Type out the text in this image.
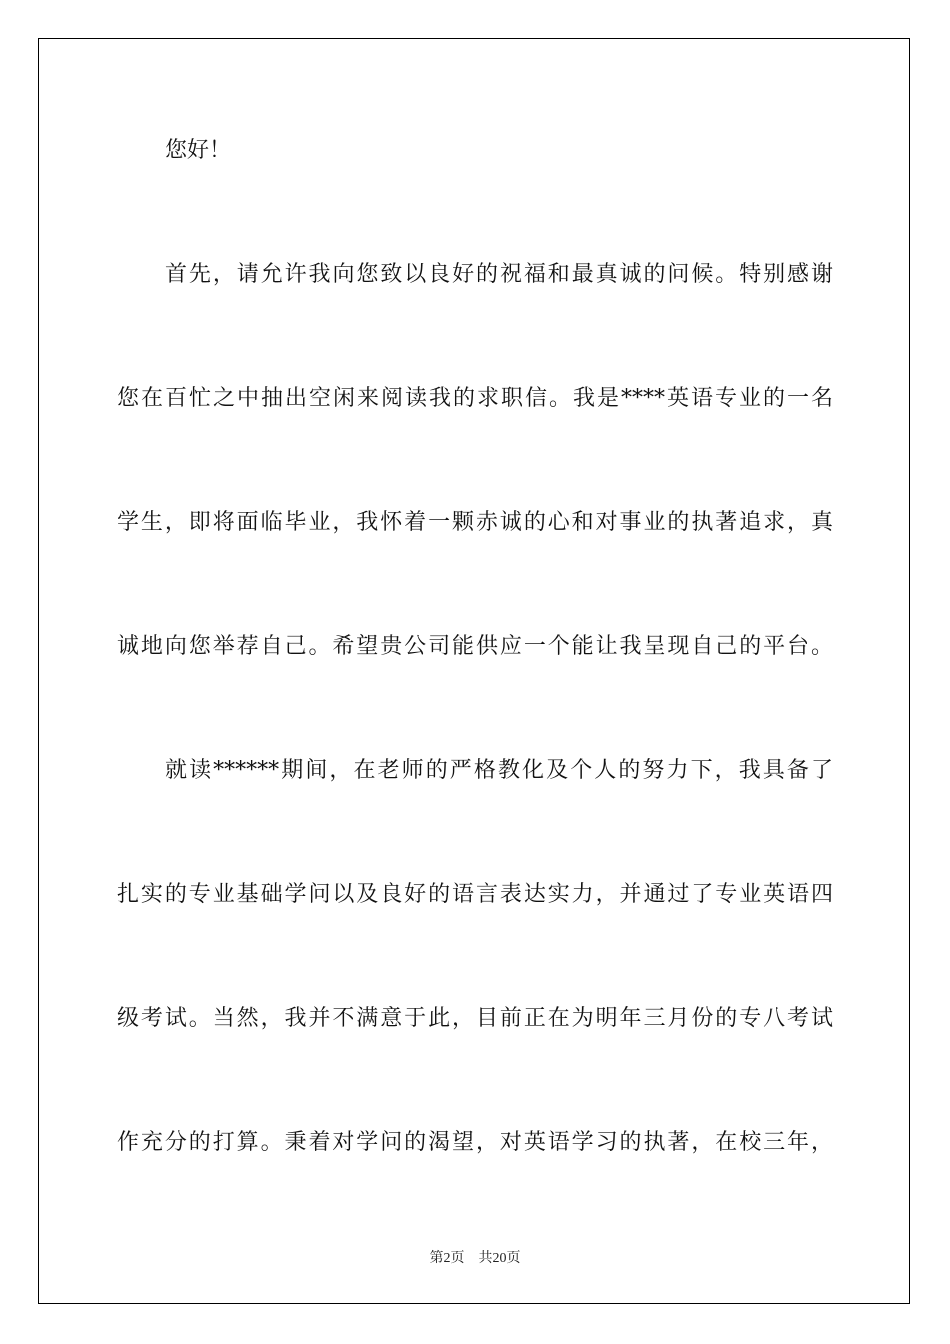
您好！
首先，请允许我向您致以良好的祝福和最真诚的问候。特别感谢
您在百忙之中抽出空闲来阅读我的求职信。我是****英语专业的一名
学生，即将面临毕业，我怀着一颗赤诚的心和对事业的执著追求，真
诚地向您举荐自己。希望贵公司能供应一个能让我呈现自己的平台。
就读******期间，在老师的严格教化及个人的努力下，我具备了
扎实的专业基础学问以及良好的语言表达实力，并通过了专业英语四
级考试。当然，我并不满意于此，目前正在为明年三月份的专八考试
作充分的打算。秉着对学问的渴望，对英语学习的执著，在校三年，
第2页 共20页
